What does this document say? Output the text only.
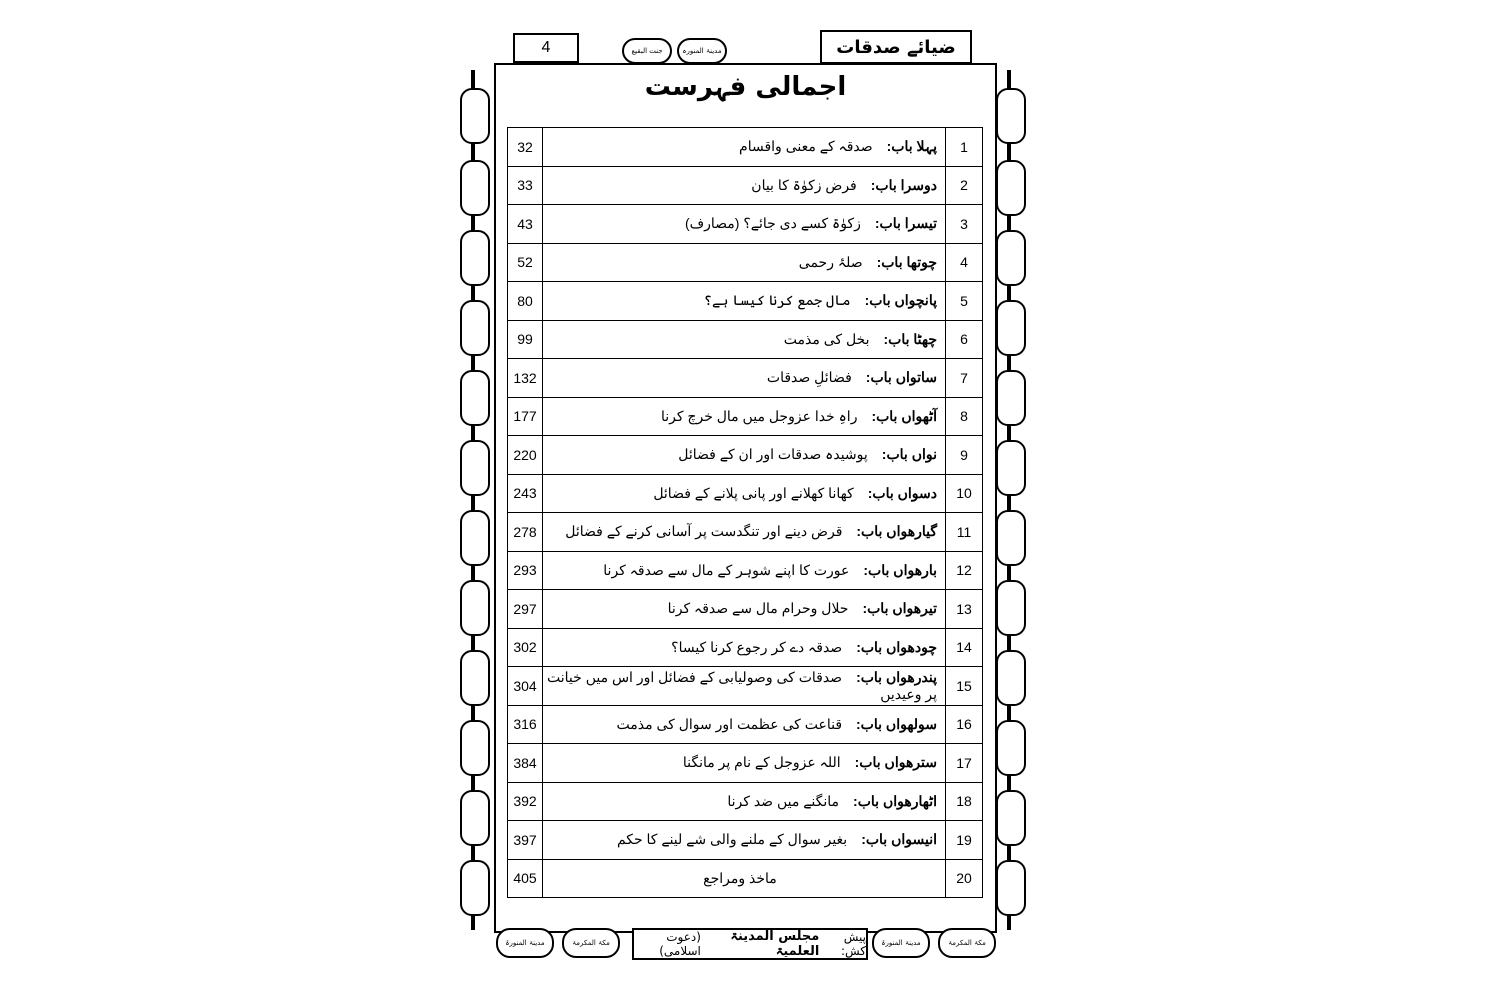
ضیائے صدقات
4	جنت البقیع	مدینۃ المنورہ
اجمالی فہرست
32	پہلا باب:صدقہ کے معنی واقسام	1
33	دوسرا باب:فرض زکوٰۃ کا بیان	2
43	تیسرا باب:زکوٰۃ کسے دی جائے؟ (مصارف)	3
52	چوتھا باب:صلۂ رحمی	4
80	پانچواں باب:مال جمع کرنا کیسا ہے؟	5
99	چھٹا باب:بخل کی مذمت	6
132	ساتواں باب:فضائلِ صدقات	7
177	آٹھواں باب:راہِ خدا عزوجل میں مال خرچ کرنا	8
220	نواں باب:پوشیدہ صدقات اور ان کے فضائل	9
243	دسواں باب:کھانا کھلانے اور پانی پلانے کے فضائل	10
278	گیارھواں باب:قرض دینے اور تنگدست پر آسانی کرنے کے فضائل	11
293	بارھواں باب:عورت کا اپنے شوہر کے مال سے صدقہ کرنا	12
297	تیرھواں باب:حلال وحرام مال سے صدقہ کرنا	13
302	چودھواں باب:صدقہ دے کر رجوع کرنا کیسا؟	14
304	پندرھواں باب:صدقات کی وصولیابی کے فضائل اور اس میں خیانت پر وعیدیں	15
316	سولھواں باب:قناعت کی عظمت اور سوال کی مذمت	16
384	سترھواں باب:اللہ عزوجل کے نام پر مانگنا	17
392	اٹھارھواں باب:مانگنے میں ضد کرنا	18
397	انیسواں باب:بغیر سوال کے ملنے والی شے لینے کا حکم	19
405	ماخذ ومراجع	20
مدینۃ المنورۃ	مکۃ المکرمۃ	پیش کش:
مجلس المدینۃ العلمیۃ
(دعوت اسلامی)
مدینۃ المنورۃ	مکۃ المکرمۃ
